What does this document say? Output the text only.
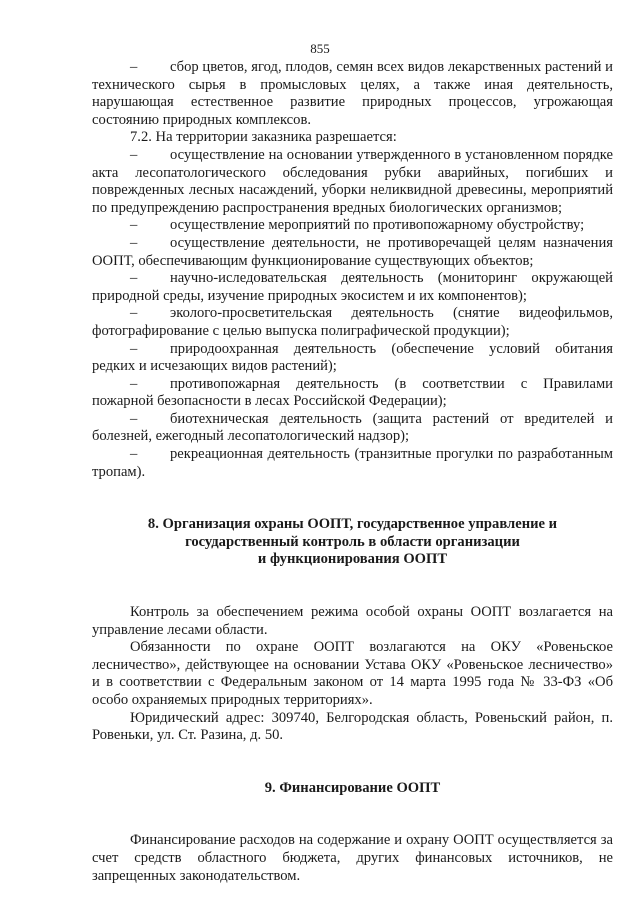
855

– сбор цветов, ягод, плодов, семян всех видов лекарственных растений и технического сырья в промысловых целях, а также иная деятельность, нарушающая естественное развитие природных процессов, угрожающая состоянию природных комплексов.

7.2. На территории заказника разрешается:

– осуществление на основании утвержденного в установленном порядке акта лесопатологического обследования рубки аварийных, погибших и поврежденных лесных насаждений, уборки неликвидной древесины, мероприятий по предупреждению распространения вредных биологических организмов;

– осуществление мероприятий по противопожарному обустройству;

– осуществление деятельности, не противоречащей целям назначения ООПТ, обеспечивающим функционирование существующих объектов;

– научно-иследовательская деятельность (мониторинг окружающей природной среды, изучение природных экосистем и их компонентов);

– эколого-просветительская деятельность (снятие видеофильмов, фотографирование с целью выпуска полиграфической продукции);

– природоохранная деятельность (обеспечение условий обитания редких и исчезающих видов растений);

– противопожарная деятельность (в соответствии с Правилами пожарной безопасности в лесах Российской Федерации);

– биотехническая деятельность (защита растений от вредителей и болезней, ежегодный лесопатологический надзор);

– рекреационная деятельность (транзитные прогулки по разработанным тропам).

8. Организация охраны ООПТ, государственное управление и

государственный контроль в области организации

и функционирования ООПТ

Контроль за обеспечением режима особой охраны ООПТ возлагается на управление лесами области.

Обязанности по охране ООПТ возлагаются на ОКУ «Ровеньское лесничество», действующее на основании Устава ОКУ «Ровеньское лесничество» и в соответствии с Федеральным законом от 14 марта 1995 года № 33-ФЗ «Об особо охраняемых природных территориях».

Юридический адрес: 309740, Белгородская область, Ровеньский район, п. Ровеньки, ул. Ст. Разина, д. 50.

9. Финансирование ООПТ

Финансирование расходов на содержание и охрану ООПТ осуществляется за счет средств областного бюджета, других финансовых источников, не запрещенных законодательством.
